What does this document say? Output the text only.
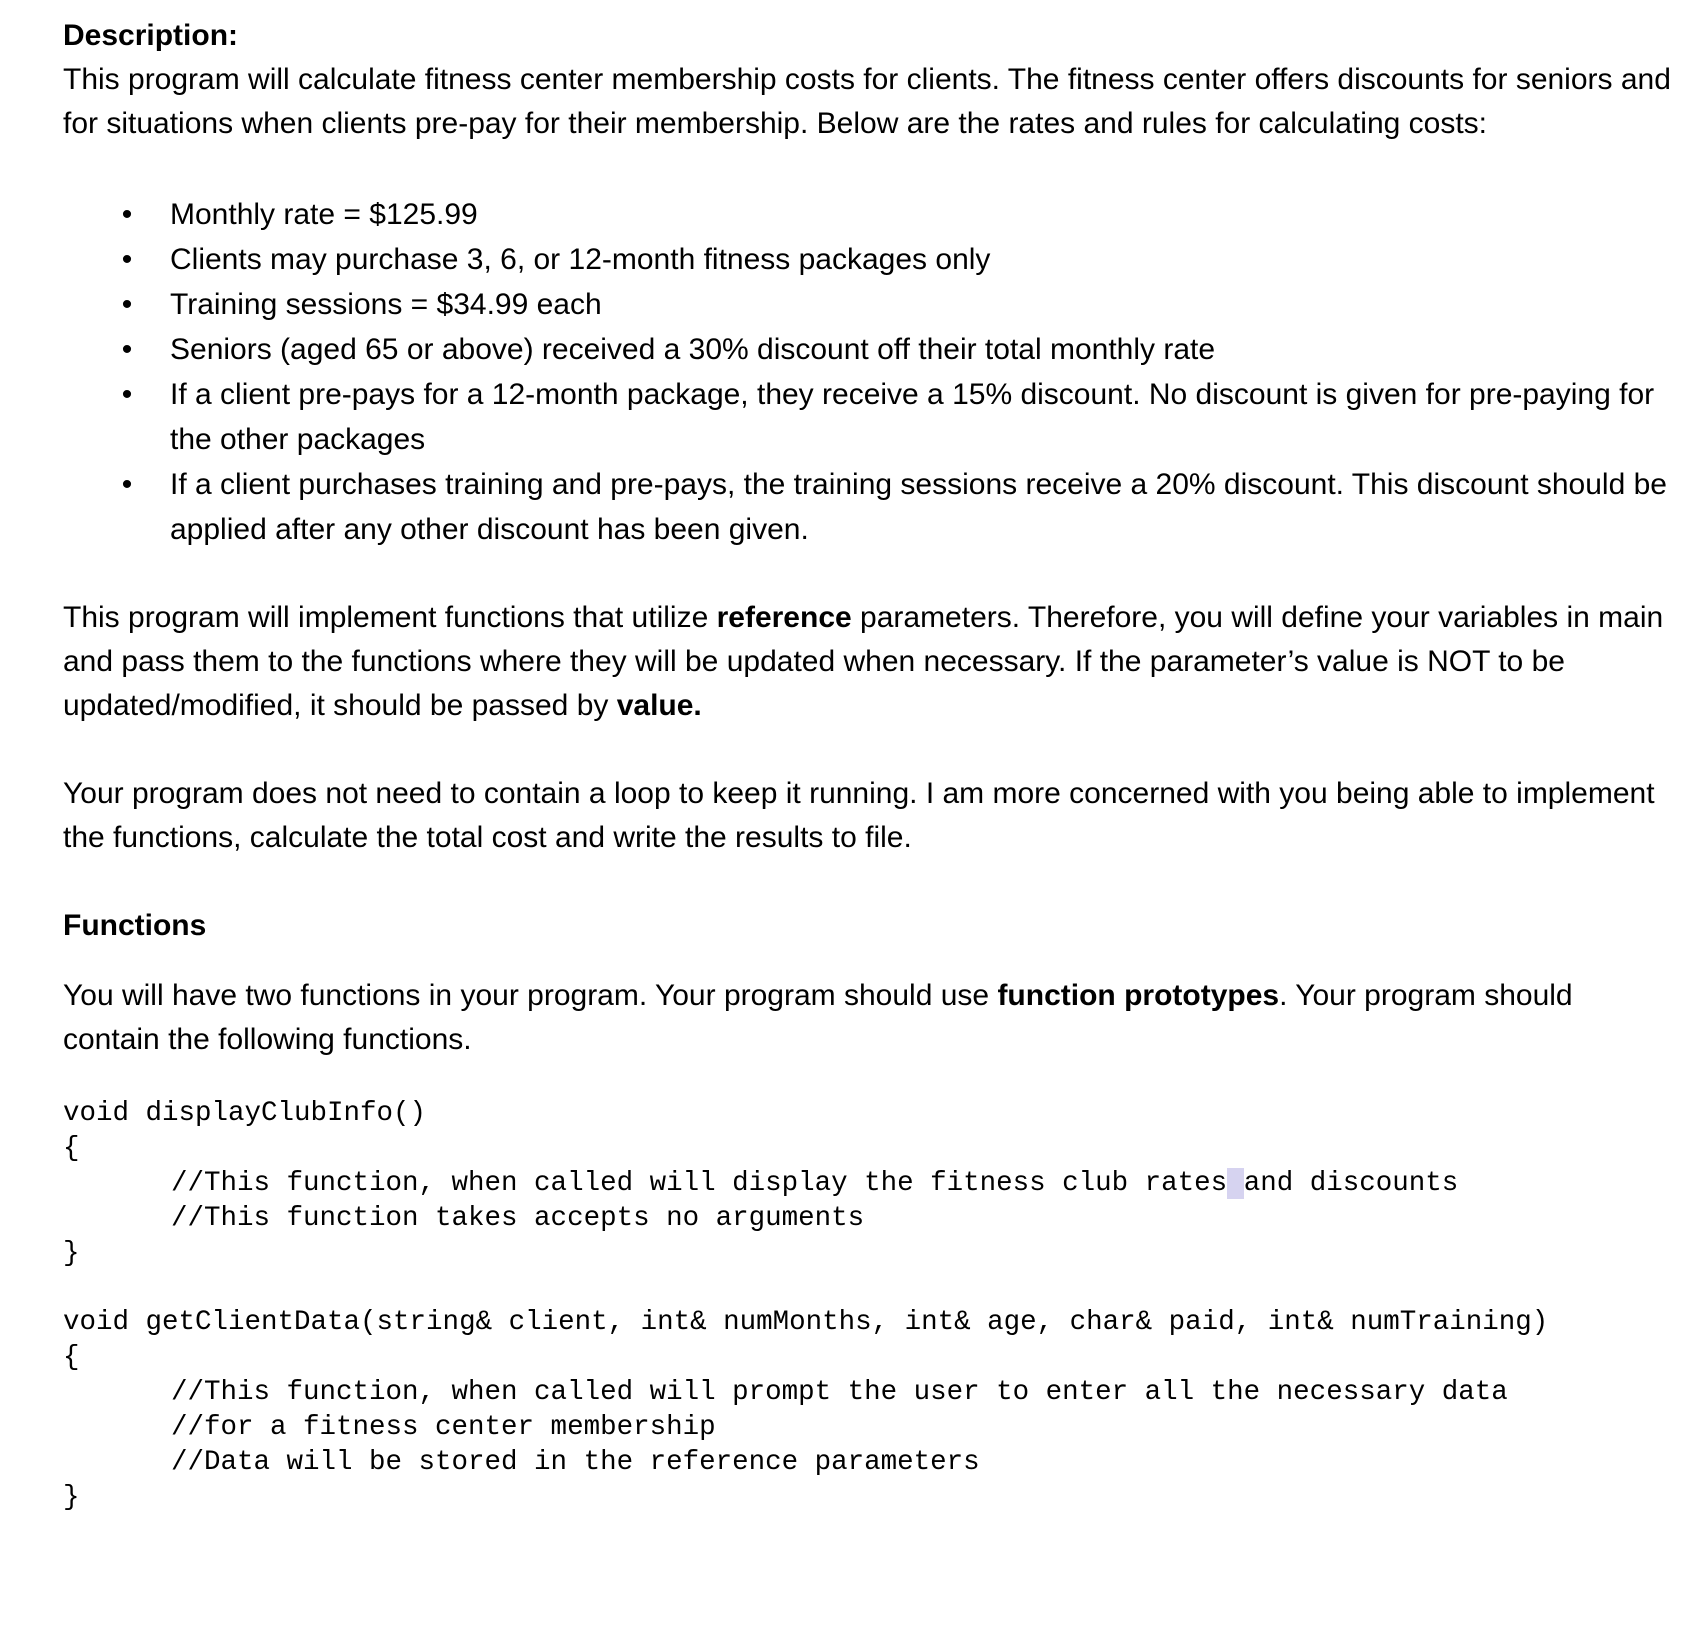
Description:

This program will calculate fitness center membership costs for clients. The fitness center offers discounts for seniors and for situations when clients pre-pay for their membership. Below are the rates and rules for calculating costs:

• Monthly rate = $125.99
• Clients may purchase 3, 6, or 12-month fitness packages only
• Training sessions = $34.99 each
• Seniors (aged 65 or above) received a 30% discount off their total monthly rate
• If a client pre-pays for a 12-month package, they receive a 15% discount. No discount is given for pre-paying for the other packages
• If a client purchases training and pre-pays, the training sessions receive a 20% discount. This discount should be applied after any other discount has been given.

This program will implement functions that utilize reference parameters. Therefore, you will define your variables in main and pass them to the functions where they will be updated when necessary. If the parameter’s value is NOT to be updated/modified, it should be passed by value.

Your program does not need to contain a loop to keep it running. I am more concerned with you being able to implement the functions, calculate the total cost and write the results to file.

Functions

You will have two functions in your program. Your program should use function prototypes. Your program should contain the following functions.

void displayClubInfo()

{

//This function, when called will display the fitness club rates and discounts

//This function takes accepts no arguments

}

void getClientData(string& client, int& numMonths, int& age, char& paid, int& numTraining)

{

//This function, when called will prompt the user to enter all the necessary data

//for a fitness center membership

//Data will be stored in the reference parameters

}
